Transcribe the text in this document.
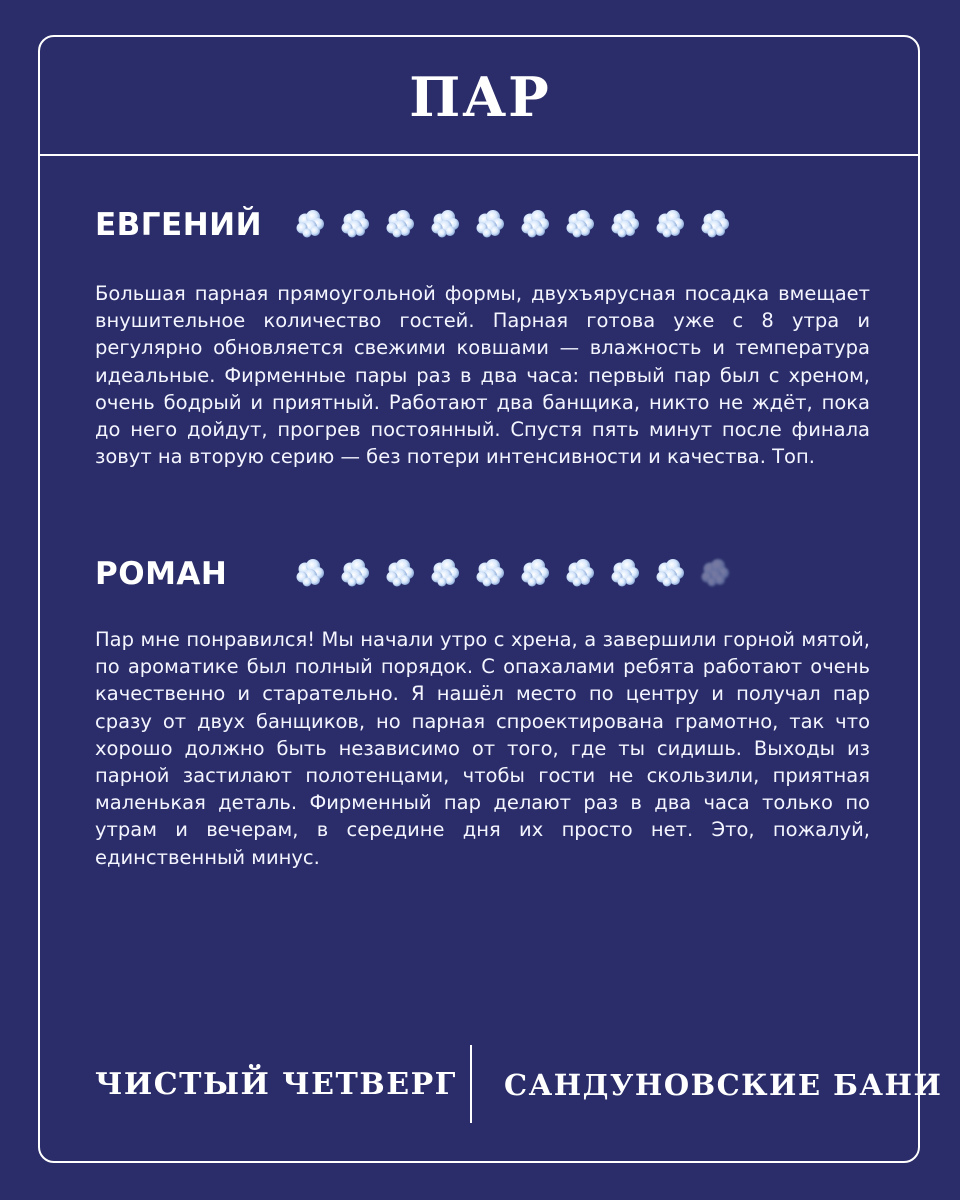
ПАР
ЕВГЕНИЙ

Большая парная прямоугольной формы, двухъярусная посадка вмещает внушительное количество гостей. Парная готова уже с 8 утра и регулярно обновляется свежими ковшами — влажность и температура идеальные. Фирменные пары раз в два часа: первый пар был с хреном, очень бодрый и приятный. Работают два банщика, никто не ждёт, пока до него дойдут, прогрев постоянный. Спустя пять минут после финала зовут на вторую серию — без потери интенсивности и качества. Топ.

РОМАН

Пар мне понравился! Мы начали утро с хрена, а завершили горной мятой, по ароматике был полный порядок. С опахалами ребята работают очень качественно и старательно. Я нашёл место по центру и получал пар сразу от двух банщиков, но парная спроектирована грамотно, так что хорошо должно быть независимо от того, где ты сидишь. Выходы из парной застилают полотенцами, чтобы гости не скользили, приятная маленькая деталь. Фирменный пар делают раз в два часа только по утрам и вечерам, в середине дня их просто нет. Это, пожалуй, единственный минус.

ЧИСТЫЙ ЧЕТВЕРГ САНДУНОВСКИЕ БАНИ
